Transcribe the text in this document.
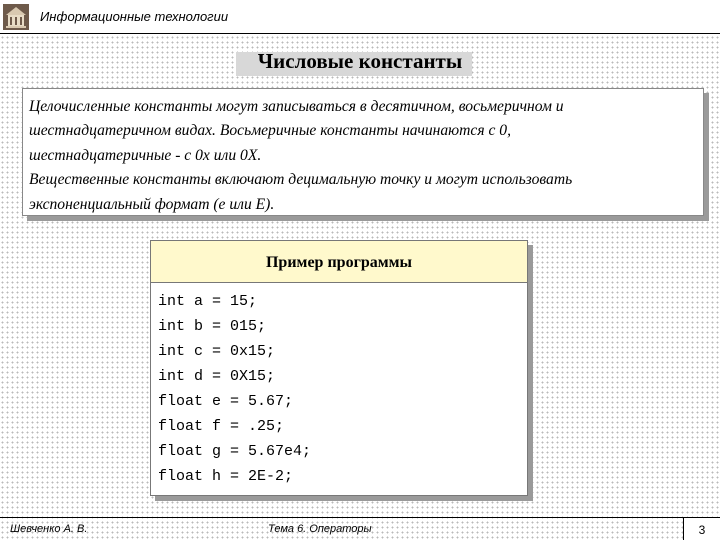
Информационные технологии
Числовые константы

Целочисленные константы могут записываться в десятичном, восьмеричном и

шестнадцатеричном видах. Восьмеричные константы начинаются с 0,

шестнадцатеричные - с 0x или 0X.

Вещественные константы включают децимальную точку и могут использовать

экспоненциальный формат (e или E).

Пример программы
int a = 15;
int b = 015;
int c = 0x15;
int d = 0X15;
float e = 5.67;
float f = .25;
float g = 5.67e4;
float h = 2E-2;
Шевченко А. В.	Тема 6. Операторы	3
